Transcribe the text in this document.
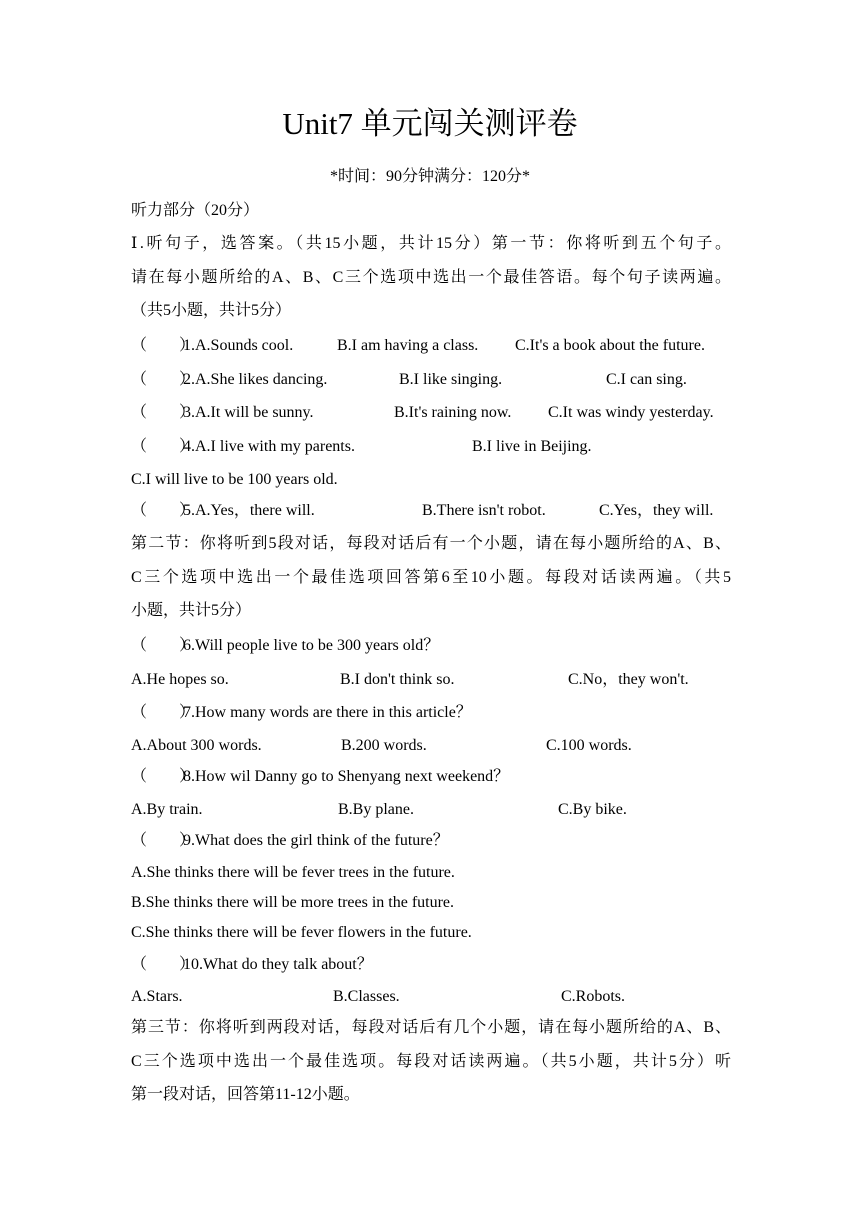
Unit7 单元闯关测评卷
*时间：90分钟满分：120分*
听力部分（20分）
Ⅰ.听句子，选答案。（共15小题，共计15分）第一节：你将听到五个句子。
请在每小题所给的A、B、C三个选项中选出一个最佳答语。每个句子读两遍。
（共5小题，共计5分）
（　　）1.A.Sounds cool.	B.I am having a class. C.It's a book about the future.
（　　）2.A.She likes dancing.	B.I like singing.	C.I can sing.
（　　）3.A.It will be sunny.	B.It's raining now. C.It was windy yesterday.
（　　）4.A.I live with my parents.	B.I live in Beijing.
C.I will live to be 100 years old.
（　　）5.A.Yes，there will.	B.There isn't robot.	C.Yes，they will.
第二节：你将听到5段对话，每段对话后有一个小题，请在每小题所给的A、B、
C三个选项中选出一个最佳选项回答第6至10小题。每段对话读两遍。（共5
小题，共计5分）
（　　）6.Will people live to be 300 years old？
A.He hopes so.	B.I don't think so.	C.No，they won't.
（　　）7.How many words are there in this article？
A.About 300 words.	B.200 words.	C.100 words.
（　　）8.How wil Danny go to Shenyang next weekend？
A.By train.	B.By plane.	C.By bike.
（　　）9.What does the girl think of the future？
A.She thinks there will be fever trees in the future.
B.She thinks there will be more trees in the future.
C.She thinks there will be fever flowers in the future.
（　　）10.What do they talk about？
A.Stars.	B.Classes.	C.Robots.
第三节：你将听到两段对话，每段对话后有几个小题，请在每小题所给的A、B、
C三个选项中选出一个最佳选项。每段对话读两遍。（共5小题，共计5分）听
第一段对话，回答第11-12小题。
